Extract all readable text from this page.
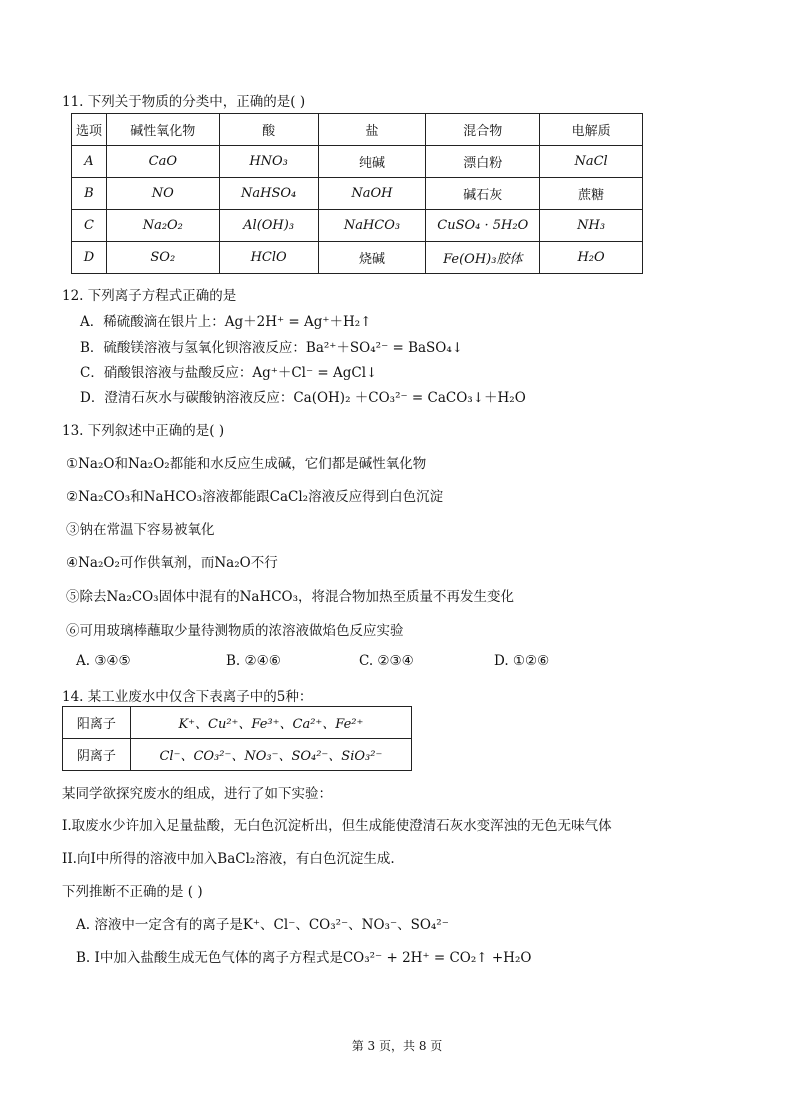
11. 下列关于物质的分类中，正确的是( )
选项	碱性氧化物	酸	盐	混合物	电解质
A	CaO	HNO₃	纯碱	漂白粉	NaCl
B	NO	NaHSO₄	NaOH	碱石灰	蔗糖
C	Na₂O₂	Al(OH)₃	NaHCO₃	CuSO₄ · 5H₂O	NH₃
D	SO₂	HClO	烧碱	Fe(OH)₃胶体	H₂O
12. 下列离子方程式正确的是
A．稀硫酸滴在银片上：Ag＋2H⁺ = Ag⁺＋H₂↑
B．硫酸镁溶液与氢氧化钡溶液反应：Ba²⁺＋SO₄²⁻ = BaSO₄↓
C．硝酸银溶液与盐酸反应：Ag⁺＋Cl⁻ = AgCl↓
D．澄清石灰水与碳酸钠溶液反应：Ca(OH)₂ ＋CO₃²⁻ = CaCO₃↓＋H₂O
13. 下列叙述中正确的是( )
①Na₂O和Na₂O₂都能和水反应生成碱，它们都是碱性氧化物
②Na₂CO₃和NaHCO₃溶液都能跟CaCl₂溶液反应得到白色沉淀
③钠在常温下容易被氧化
④Na₂O₂可作供氧剂，而Na₂O不行
⑤除去Na₂CO₃固体中混有的NaHCO₃，将混合物加热至质量不再发生变化
⑥可用玻璃棒蘸取少量待测物质的浓溶液做焰色反应实验
A. ③④⑤	B. ②④⑥	C. ②③④	D. ①②⑥
14. 某工业废水中仅含下表离子中的5种：
阳离子	K⁺、Cu²⁺、Fe³⁺、Ca²⁺、Fe²⁺
阴离子	Cl⁻、CO₃²⁻、NO₃⁻、SO₄²⁻、SiO₃²⁻
某同学欲探究废水的组成，进行了如下实验：
I.取废水少许加入足量盐酸，无白色沉淀析出，但生成能使澄清石灰水变浑浊的无色无味气体
II.向I中所得的溶液中加入BaCl₂溶液，有白色沉淀生成.
下列推断不正确的是 ( )
A. 溶液中一定含有的离子是K⁺、Cl⁻、CO₃²⁻、NO₃⁻、SO₄²⁻
B. I中加入盐酸生成无色气体的离子方程式是CO₃²⁻ + 2H⁺ = CO₂↑ +H₂O
第 3 页，共 8 页
